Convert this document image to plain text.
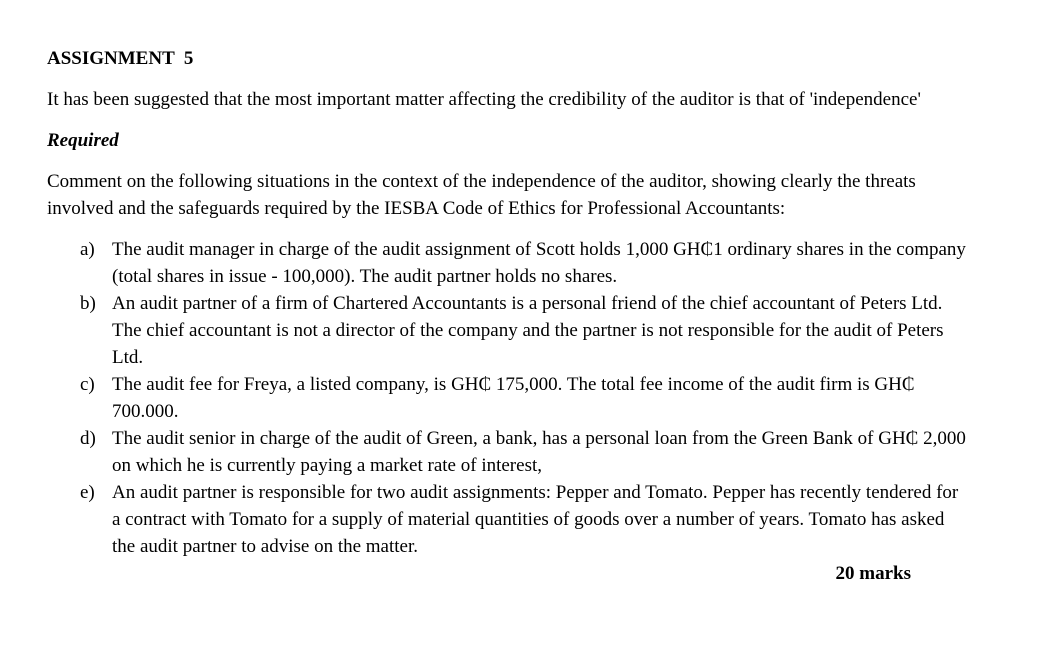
ASSIGNMENT  5

It has been suggested that the most important matter affecting the credibility of the auditor is that of 'independence'

Required

Comment on the following situations in the context of the independence of the auditor, showing clearly the threats involved and the safeguards required by the IESBA Code of Ethics for Professional Accountants:

a) The audit manager in charge of the audit assignment of Scott holds 1,000 GH₵1 ordinary shares in the company (total shares in issue - 100,000). The audit partner holds no shares.
b) An audit partner of a firm of Chartered Accountants is a personal friend of the chief accountant of Peters Ltd. The chief accountant is not a director of the company and the partner is not responsible for the audit of Peters Ltd.
c) The audit fee for Freya, a listed company, is GH₵ 175,000. The total fee income of the audit firm is GH₵ 700.000.
d) The audit senior in charge of the audit of Green, a bank, has a personal loan from the Green Bank of GH₵ 2,000 on which he is currently paying a market rate of interest,
e) An audit partner is responsible for two audit assignments: Pepper and Tomato. Pepper has recently tendered for a contract with Tomato for a supply of material quantities of goods over a number of years. Tomato has asked the audit partner to advise on the matter.

20 marks
